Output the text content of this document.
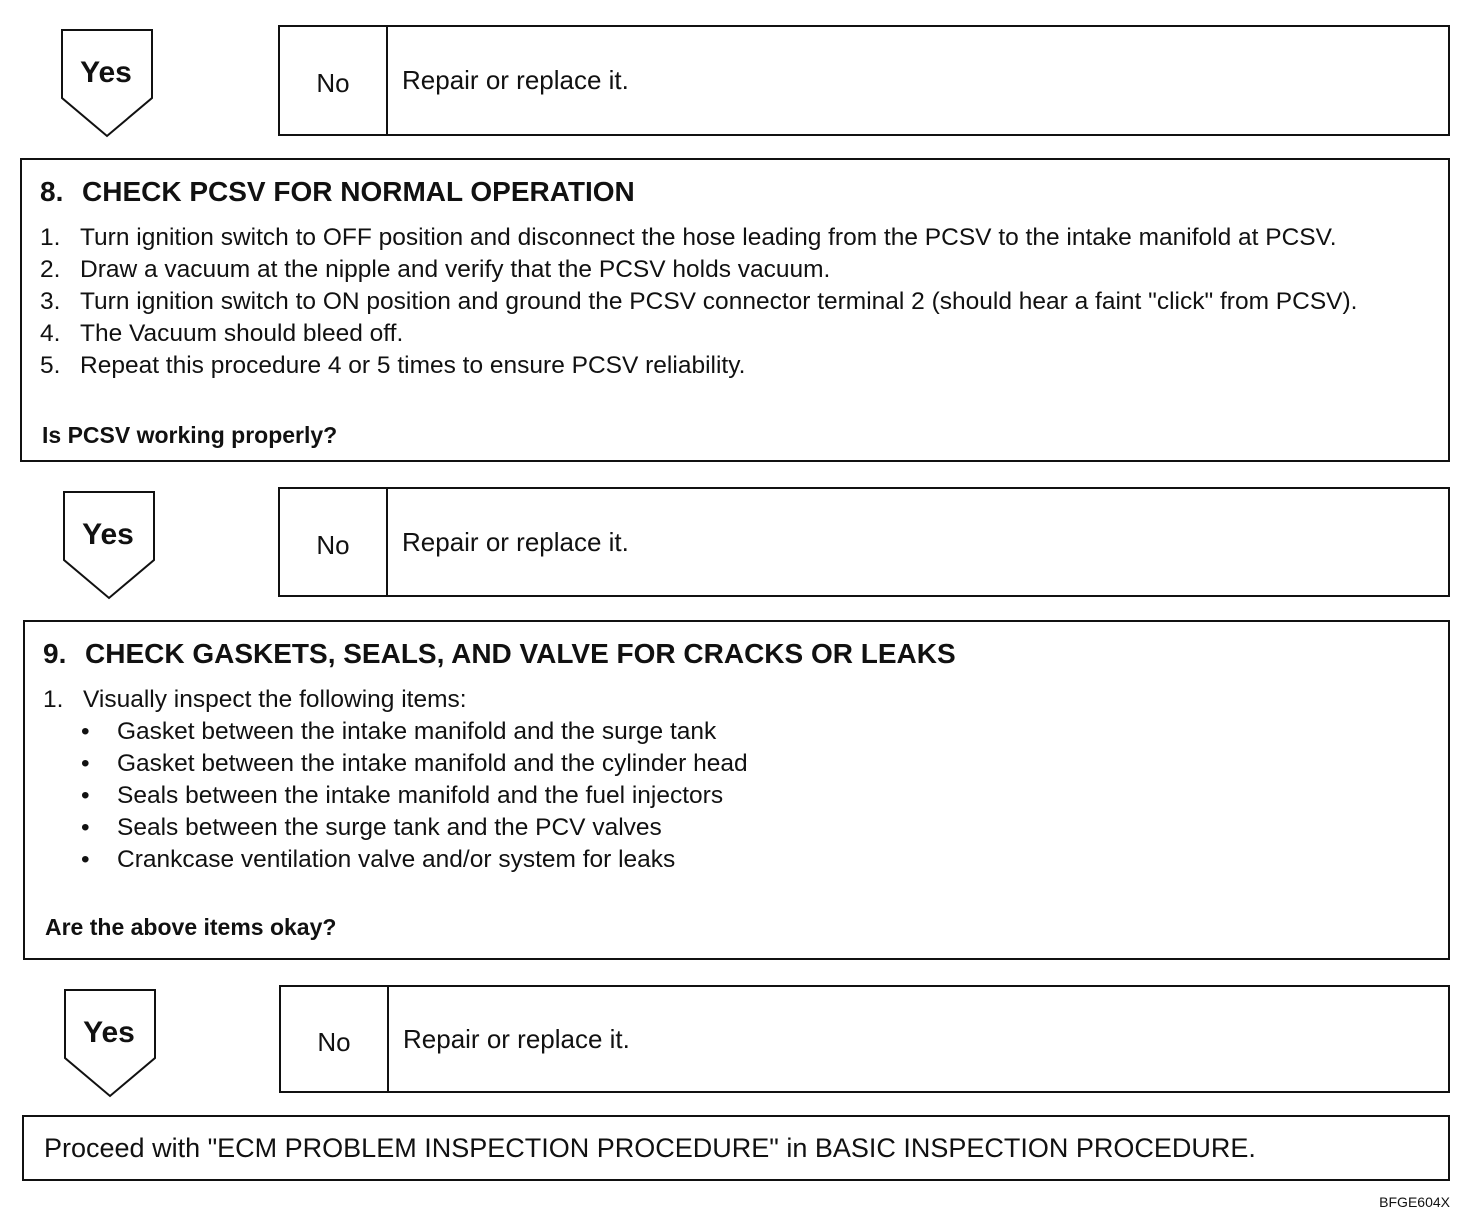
Yes	No	Repair or replace it.
8. CHECK PCSV FOR NORMAL OPERATION
1. Turn ignition switch to OFF position and disconnect the hose leading from the PCSV to the intake manifold at PCSV.
2. Draw a vacuum at the nipple and verify that the PCSV holds vacuum.
3. Turn ignition switch to ON position and ground the PCSV connector terminal 2 (should hear a faint "click" from PCSV).
4. The Vacuum should bleed off.
5. Repeat this procedure 4 or 5 times to ensure PCSV reliability.
Is PCSV working properly?
Yes	No	Repair or replace it.
9. CHECK GASKETS, SEALS, AND VALVE FOR CRACKS OR LEAKS
1. Visually inspect the following items:
•	Gasket between the intake manifold and the surge tank
•	Gasket between the intake manifold and the cylinder head
•	Seals between the intake manifold and the fuel injectors
•	Seals between the surge tank and the PCV valves
•	Crankcase ventilation valve and/or system for leaks
Are the above items okay?
Yes	No	Repair or replace it.
Proceed with "ECM PROBLEM INSPECTION PROCEDURE" in BASIC INSPECTION PROCEDURE.
BFGE604X
